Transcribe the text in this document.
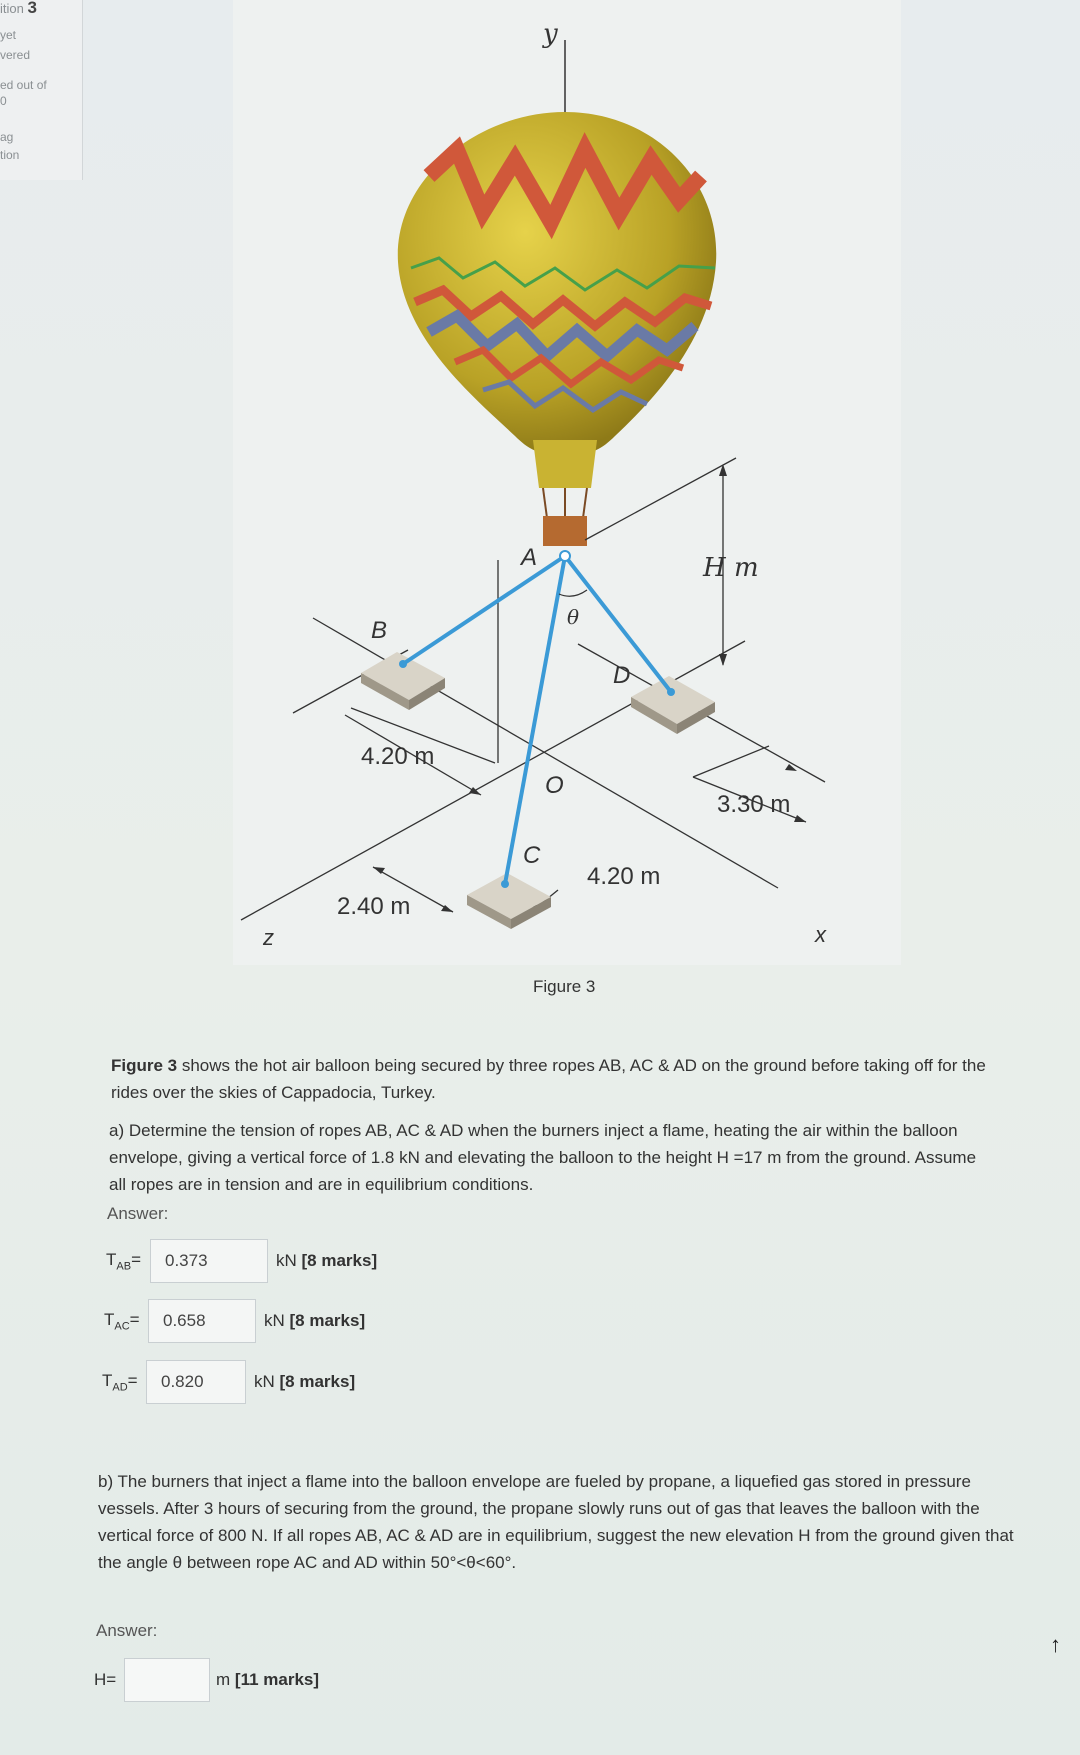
ition 3
yet
vered
ed out of
0
ag
tion
y
H m
A
B
C
D
O
θ
x
z
4.20 m
2.40 m
4.20 m
3.30 m
Figure 3
Figure 3 shows the hot air balloon being secured by three ropes AB, AC & AD on the ground before taking off for the rides over the skies of Cappadocia, Turkey.
a) Determine the tension of ropes AB, AC & AD when the burners inject a flame, heating the air within the balloon envelope, giving a vertical force of 1.8 kN and elevating the balloon to the height H =17 m from the ground. Assume all ropes are in tension and are in equilibrium conditions.
Answer:
$T_{AB}=$	0.373	kN [8 marks]
$T_{AC}=$	0.658	kN [8 marks]
$T_{AD}=$	0.820	kN [8 marks]
b) The burners that inject a flame into the balloon envelope are fueled by propane, a liquefied gas stored in pressure vessels. After 3 hours of securing from the ground, the propane slowly runs out of gas that leaves the balloon with the vertical force of 800 N. If all ropes AB, AC & AD are in equilibrium, suggest the new elevation H from the ground given that the angle θ between rope AC and AD within 50°<θ<60°.
Answer:
H=	m [11 marks]
↑
